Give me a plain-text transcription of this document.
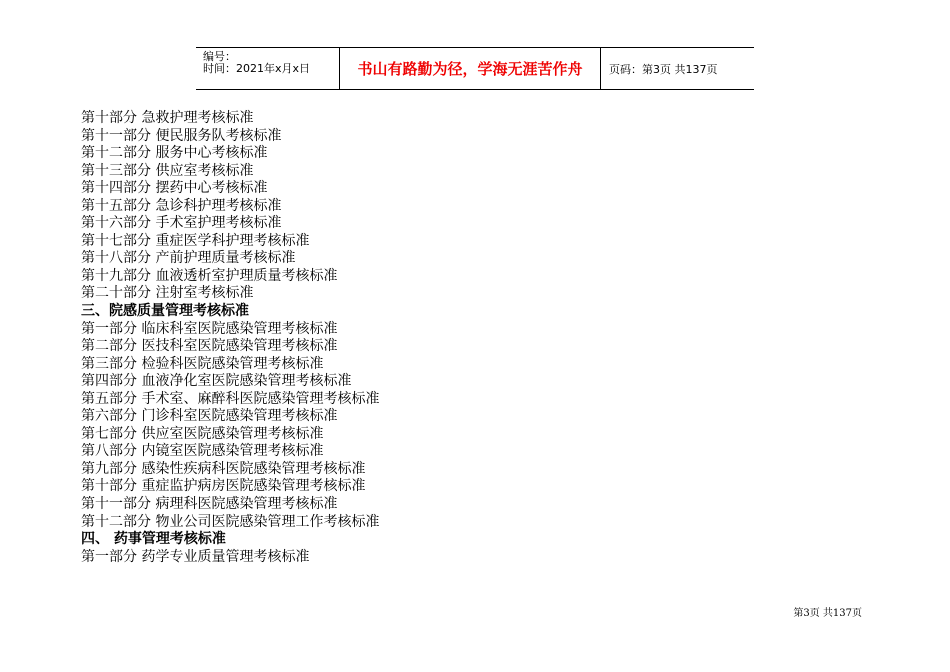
编号：
时间：2021年x月x日	书山有路勤为径，学海无涯苦作舟	页码：第3页 共137页
第十部分 急救护理考核标准
第十一部分 便民服务队考核标准
第十二部分 服务中心考核标准
第十三部分 供应室考核标准
第十四部分 摆药中心考核标准
第十五部分 急诊科护理考核标准
第十六部分 手术室护理考核标准
第十七部分 重症医学科护理考核标准
第十八部分 产前护理质量考核标准
第十九部分 血液透析室护理质量考核标准
第二十部分 注射室考核标准
三、院感质量管理考核标准
第一部分 临床科室医院感染管理考核标准
第二部分 医技科室医院感染管理考核标准
第三部分 检验科医院感染管理考核标准
第四部分 血液净化室医院感染管理考核标准
第五部分 手术室、麻醉科医院感染管理考核标准
第六部分 门诊科室医院感染管理考核标准
第七部分 供应室医院感染管理考核标准
第八部分 内镜室医院感染管理考核标准
第九部分 感染性疾病科医院感染管理考核标准
第十部分 重症监护病房医院感染管理考核标准
第十一部分 病理科医院感染管理考核标准
第十二部分 物业公司医院感染管理工作考核标准
四、 药事管理考核标准
第一部分 药学专业质量管理考核标准
第3页 共137页
